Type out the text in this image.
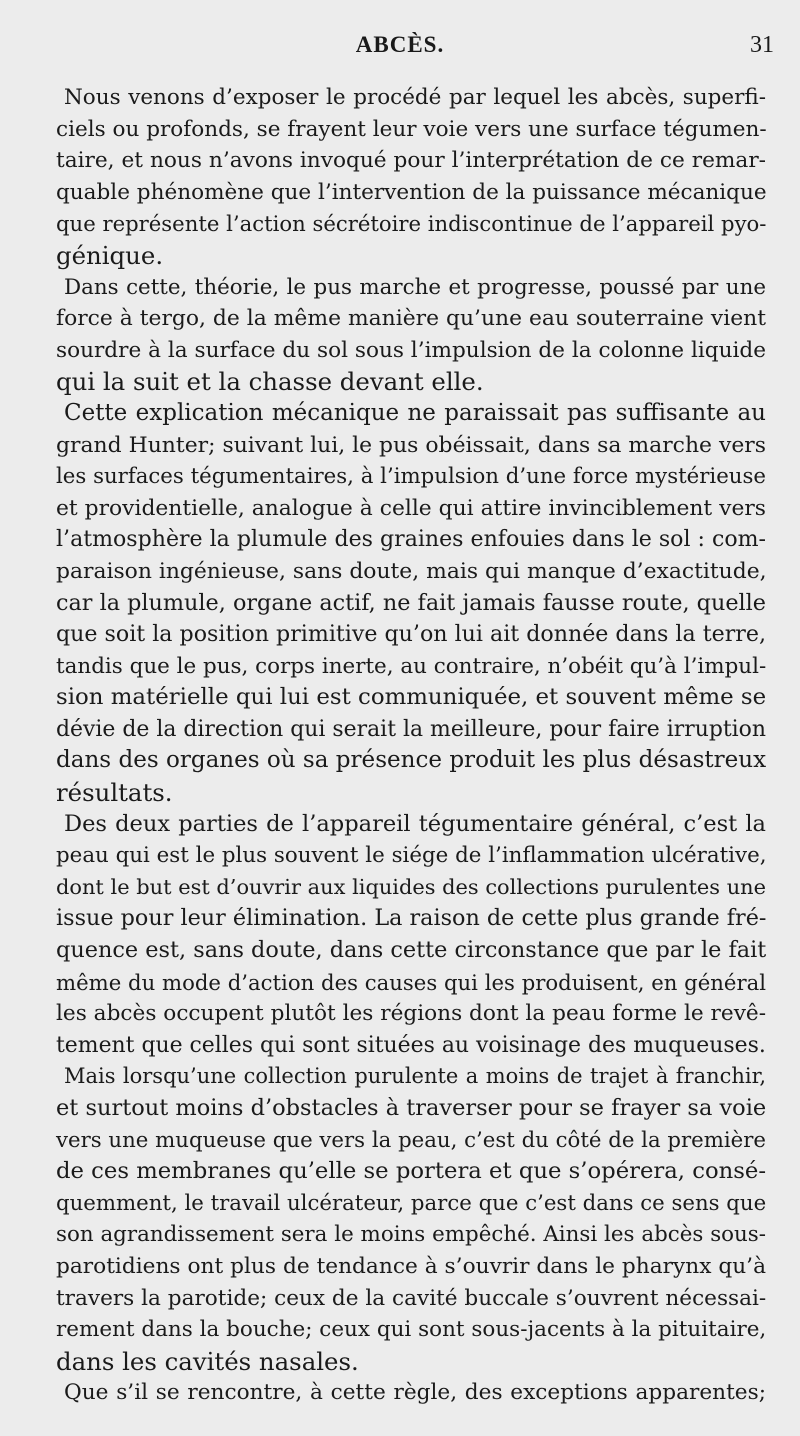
ABCÈS.	31

Nous venons d’exposer le procédé par lequel les abcès, superfi-
ciels ou profonds, se frayent leur voie vers une surface tégumen-
taire, et nous n’avons invoqué pour l’interprétation de ce remar-
quable phénomène que l’intervention de la puissance mécanique
que représente l’action sécrétoire indiscontinue de l’appareil pyo-
génique.

Dans cette, théorie, le pus marche et progresse, poussé par une
force à tergo, de la même manière qu’une eau souterraine vient
sourdre à la surface du sol sous l’impulsion de la colonne liquide
qui la suit et la chasse devant elle.

Cette explication mécanique ne paraissait pas suffisante au
grand Hunter; suivant lui, le pus obéissait, dans sa marche vers
les surfaces tégumentaires, à l’impulsion d’une force mystérieuse
et providentielle, analogue à celle qui attire invinciblement vers
l’atmosphère la plumule des graines enfouies dans le sol : com-
paraison ingénieuse, sans doute, mais qui manque d’exactitude,
car la plumule, organe actif, ne fait jamais fausse route, quelle
que soit la position primitive qu’on lui ait donnée dans la terre,
tandis que le pus, corps inerte, au contraire, n’obéit qu’à l’impul-
sion matérielle qui lui est communiquée, et souvent même se
dévie de la direction qui serait la meilleure, pour faire irruption
dans des organes où sa présence produit les plus désastreux
résultats.

Des deux parties de l’appareil tégumentaire général, c’est la
peau qui est le plus souvent le siége de l’inflammation ulcérative,
dont le but est d’ouvrir aux liquides des collections purulentes une
issue pour leur élimination. La raison de cette plus grande fré-
quence est, sans doute, dans cette circonstance que par le fait
même du mode d’action des causes qui les produisent, en général
les abcès occupent plutôt les régions dont la peau forme le revê-
tement que celles qui sont situées au voisinage des muqueuses.

Mais lorsqu’une collection purulente a moins de trajet à franchir,
et surtout moins d’obstacles à traverser pour se frayer sa voie
vers une muqueuse que vers la peau, c’est du côté de la première
de ces membranes qu’elle se portera et que s’opérera, consé-
quemment, le travail ulcérateur, parce que c’est dans ce sens que
son agrandissement sera le moins empêché. Ainsi les abcès sous-
parotidiens ont plus de tendance à s’ouvrir dans le pharynx qu’à
travers la parotide; ceux de la cavité buccale s’ouvrent nécessai-
rement dans la bouche; ceux qui sont sous-jacents à la pituitaire,
dans les cavités nasales.

Que s’il se rencontre, à cette règle, des exceptions apparentes;
